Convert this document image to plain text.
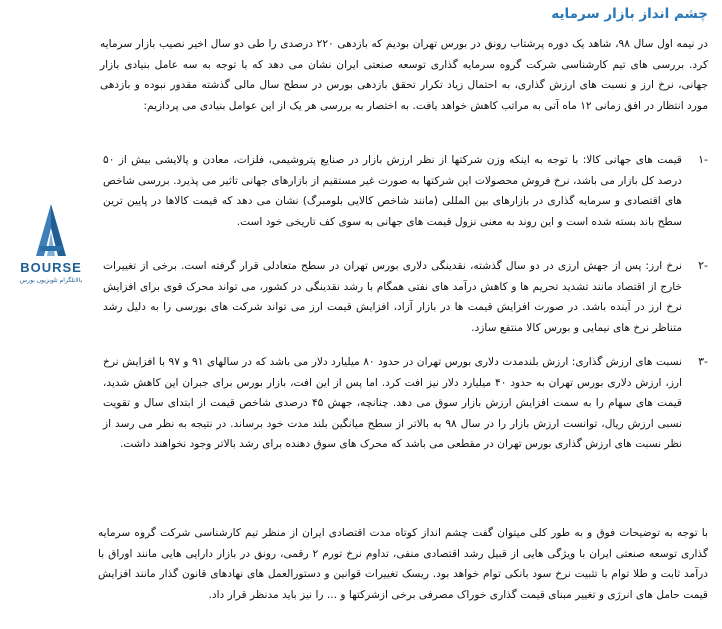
چشم انداز بازار سرمایه

در نیمه اول سال ۹۸، شاهد یک دوره پرشتاب رونق در بورس تهران بودیم که بازدهی ۲۲۰ درصدی را طی دو سال اخیر نصیب بازار سرمایه کرد. بررسی های تیم کارشناسی شرکت گروه سرمایه گذاری توسعه صنعتی ایران نشان می دهد که با توجه به سه عامل بنیادی بازار جهانی، نرخ ارز و نسبت های ارزش گذاری، به احتمال زیاد تکرار تحقق بازدهی بورس در سطح سال مالی گذشته مقدور نبوده و بازدهی مورد انتظار در افق زمانی ۱۲ ماه آتی به مراتب کاهش خواهد یافت. به اختصار به بررسی هر یک از این عوامل بنیادی می پردازیم:

-۱

قیمت های جهانی کالا: با توجه به اینکه وزن شرکتها از نظر ارزش بازار در صنایع پتروشیمی، فلزات، معادن و پالایشی بیش از ۵۰ درصد کل بازار می باشد، نرخ فروش محصولات این شرکتها به صورت غیر مستقیم از بازارهای جهانی تاثیر می پذیرد. بررسی شاخص های اقتصادی و سرمایه گذاری در بازارهای بین المللی (مانند شاخص کالایی بلومبرگ) نشان می دهد که قیمت کالاها در پایین ترین سطح باند بسته شده است و این روند به معنی نزول قیمت های جهانی به سوی کف تاریخی خود است.

-۲

نرخ ارز: پس از جهش ارزی در دو سال گذشته، نقدینگی دلاری بورس تهران در سطح متعادلی قرار گرفته است. برخی از تغییرات خارج از اقتصاد مانند تشدید تحریم ها و کاهش درآمد های نفتی همگام با رشد نقدینگی در کشور، می تواند محرک قوی برای افزایش نرخ ارز در آینده باشد. در صورت افزایش قیمت ها در بازار آزاد، افزایش قیمت ارز می تواند شرکت های بورسی را به دلیل رشد متناظر نرخ های نیمایی و بورس کالا منتفع سازد.

-۳

نسبت های ارزش گذاری: ارزش بلندمدت دلاری بورس تهران در حدود ۸۰ میلیارد دلار می باشد که در سالهای ۹۱ و ۹۷ با افزایش نرخ ارز، ارزش دلاری بورس تهران به حدود ۴۰ میلیارد دلار نیز افت کرد. اما پس از این افت، بازار بورس برای جبران این کاهش شدید، قیمت های سهام را به سمت افزایش ارزش بازار سوق می دهد. چنانچه، جهش ۴۵ درصدی شاخص قیمت از ابتدای سال و تقویت نسبی ارزش ریال، توانست ارزش بازار را در سال ۹۸ به بالاتر از سطح میانگین بلند مدت خود برساند. در نتیجه به نظر می رسد از نظر نسبت های ارزش گذاری بورس تهران در مقطعی می باشد که محرک های سوق دهنده برای رشد بالاتر وجود نخواهند داشت.

با توجه به توضیحات فوق و به طور کلی میتوان گفت چشم انداز کوتاه مدت اقتصادی ایران از منظر تیم کارشناسی شرکت گروه سرمایه گذاری توسعه صنعتی ایران با ویژگی هایی از قبیل رشد اقتصادی منفی، تداوم نرخ تورم ۲ رقمی، رونق در بازار دارایی هایی مانند اوراق با درآمد ثابت و طلا توام با تثبیت نرخ سود بانکی توام خواهد بود. ریسک تغییرات قوانین و دستورالعمل های نهادهای قانون گذار مانند افزایش قیمت حامل های انرژی و تغییر مبنای قیمت گذاری خوراک مصرفی برخی ازشرکتها و ... را نیز باید مدنظر قرار داد.

BOURSE
بالا‌تلگرام تلویزیون بورس
